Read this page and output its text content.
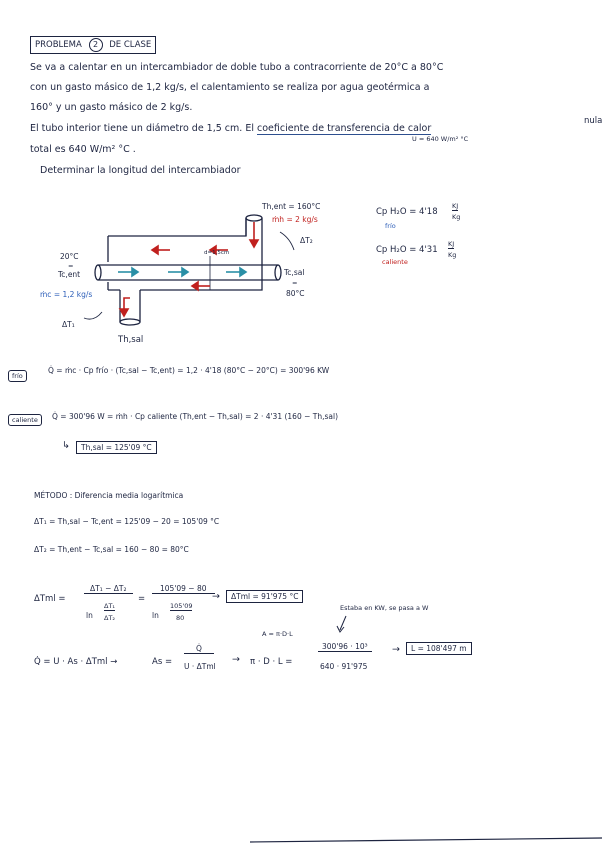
PROBLEMA 2 DE CLASE
Se va a calentar en un intercambiador de doble tubo a contracorriente de 20°C a 80°C
con un gasto másico de 1,2 kg/s, el calentamiento se realiza por agua geotérmica a
160° y un gasto másico de 2 kg/s.
El tubo interior tiene un diámetro de 1,5 cm. El coeficiente de transferencia de calor
nula
total es 640 W/m² °C .
U = 640 W/m² °C
Determinar la longitud del intercambiador
Th,ent = 160°C
ṁh = 2 kg/s
ΔT₂
d=1,5cm
20°C
=
Tc,ent
ṁc = 1,2 kg/s
ΔT₁
Tc,sal
=
80°C
Th,sal
Cp H₂O = 4'18
KJ
Kg
frío
Cp H₂O = 4'31
KJ
Kg
caliente
frío
Q̇ = ṁc · Cp frío · (Tc,sal − Tc,ent) = 1,2 · 4'18 (80°C − 20°C) = 300'96 KW
caliente	Q̇ = 300'96 W = ṁh · Cp caliente (Th,ent − Th,sal) = 2 · 4'31 (160 − Th,sal)
↳	Th,sal = 125'09 °C
MÉTODO : Diferencia media logarítmica
ΔT₁ = Th,sal − Tc,ent = 125'09 − 20 = 105'09 °C
ΔT₂ = Th,ent − Tc,sal = 160 − 80 = 80°C
ΔTml =
ΔT₁ − ΔT₂
ln
ΔT₁
ΔT₂
=
105'09 − 80
ln
105'09
80
→	ΔTml = 91'975 °C
Estaba en KW, se pasa a W
A = π·D·L
Q̇ = U · As · ΔTml →	As =
Q̇
U · ΔTml
→ π · D · L =
300'96 · 10³
640 · 91'975
→	L = 108'497 m
